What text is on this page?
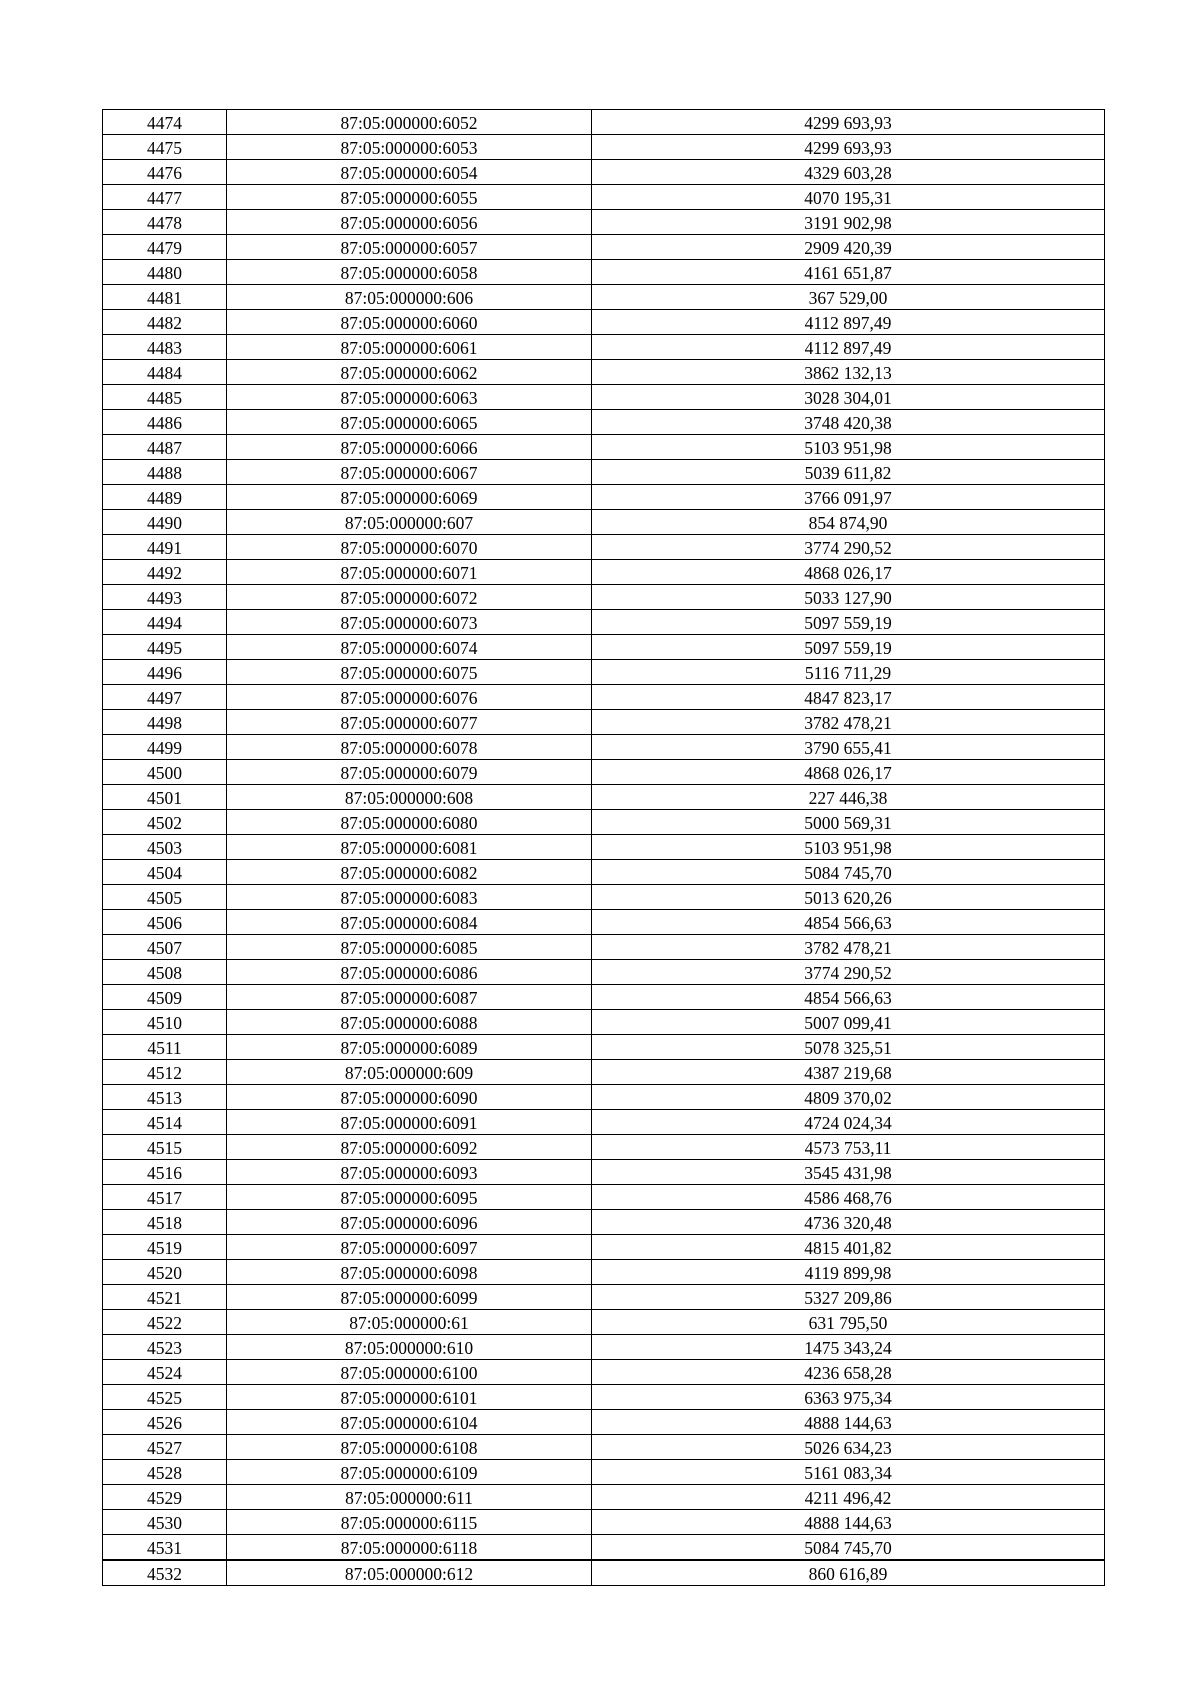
4474	87:05:000000:6052	4299 693,93
4475	87:05:000000:6053	4299 693,93
4476	87:05:000000:6054	4329 603,28
4477	87:05:000000:6055	4070 195,31
4478	87:05:000000:6056	3191 902,98
4479	87:05:000000:6057	2909 420,39
4480	87:05:000000:6058	4161 651,87
4481	87:05:000000:606	367 529,00
4482	87:05:000000:6060	4112 897,49
4483	87:05:000000:6061	4112 897,49
4484	87:05:000000:6062	3862 132,13
4485	87:05:000000:6063	3028 304,01
4486	87:05:000000:6065	3748 420,38
4487	87:05:000000:6066	5103 951,98
4488	87:05:000000:6067	5039 611,82
4489	87:05:000000:6069	3766 091,97
4490	87:05:000000:607	854 874,90
4491	87:05:000000:6070	3774 290,52
4492	87:05:000000:6071	4868 026,17
4493	87:05:000000:6072	5033 127,90
4494	87:05:000000:6073	5097 559,19
4495	87:05:000000:6074	5097 559,19
4496	87:05:000000:6075	5116 711,29
4497	87:05:000000:6076	4847 823,17
4498	87:05:000000:6077	3782 478,21
4499	87:05:000000:6078	3790 655,41
4500	87:05:000000:6079	4868 026,17
4501	87:05:000000:608	227 446,38
4502	87:05:000000:6080	5000 569,31
4503	87:05:000000:6081	5103 951,98
4504	87:05:000000:6082	5084 745,70
4505	87:05:000000:6083	5013 620,26
4506	87:05:000000:6084	4854 566,63
4507	87:05:000000:6085	3782 478,21
4508	87:05:000000:6086	3774 290,52
4509	87:05:000000:6087	4854 566,63
4510	87:05:000000:6088	5007 099,41
4511	87:05:000000:6089	5078 325,51
4512	87:05:000000:609	4387 219,68
4513	87:05:000000:6090	4809 370,02
4514	87:05:000000:6091	4724 024,34
4515	87:05:000000:6092	4573 753,11
4516	87:05:000000:6093	3545 431,98
4517	87:05:000000:6095	4586 468,76
4518	87:05:000000:6096	4736 320,48
4519	87:05:000000:6097	4815 401,82
4520	87:05:000000:6098	4119 899,98
4521	87:05:000000:6099	5327 209,86
4522	87:05:000000:61	631 795,50
4523	87:05:000000:610	1475 343,24
4524	87:05:000000:6100	4236 658,28
4525	87:05:000000:6101	6363 975,34
4526	87:05:000000:6104	4888 144,63
4527	87:05:000000:6108	5026 634,23
4528	87:05:000000:6109	5161 083,34
4529	87:05:000000:611	4211 496,42
4530	87:05:000000:6115	4888 144,63
4531	87:05:000000:6118	5084 745,70
4532	87:05:000000:612	860 616,89
